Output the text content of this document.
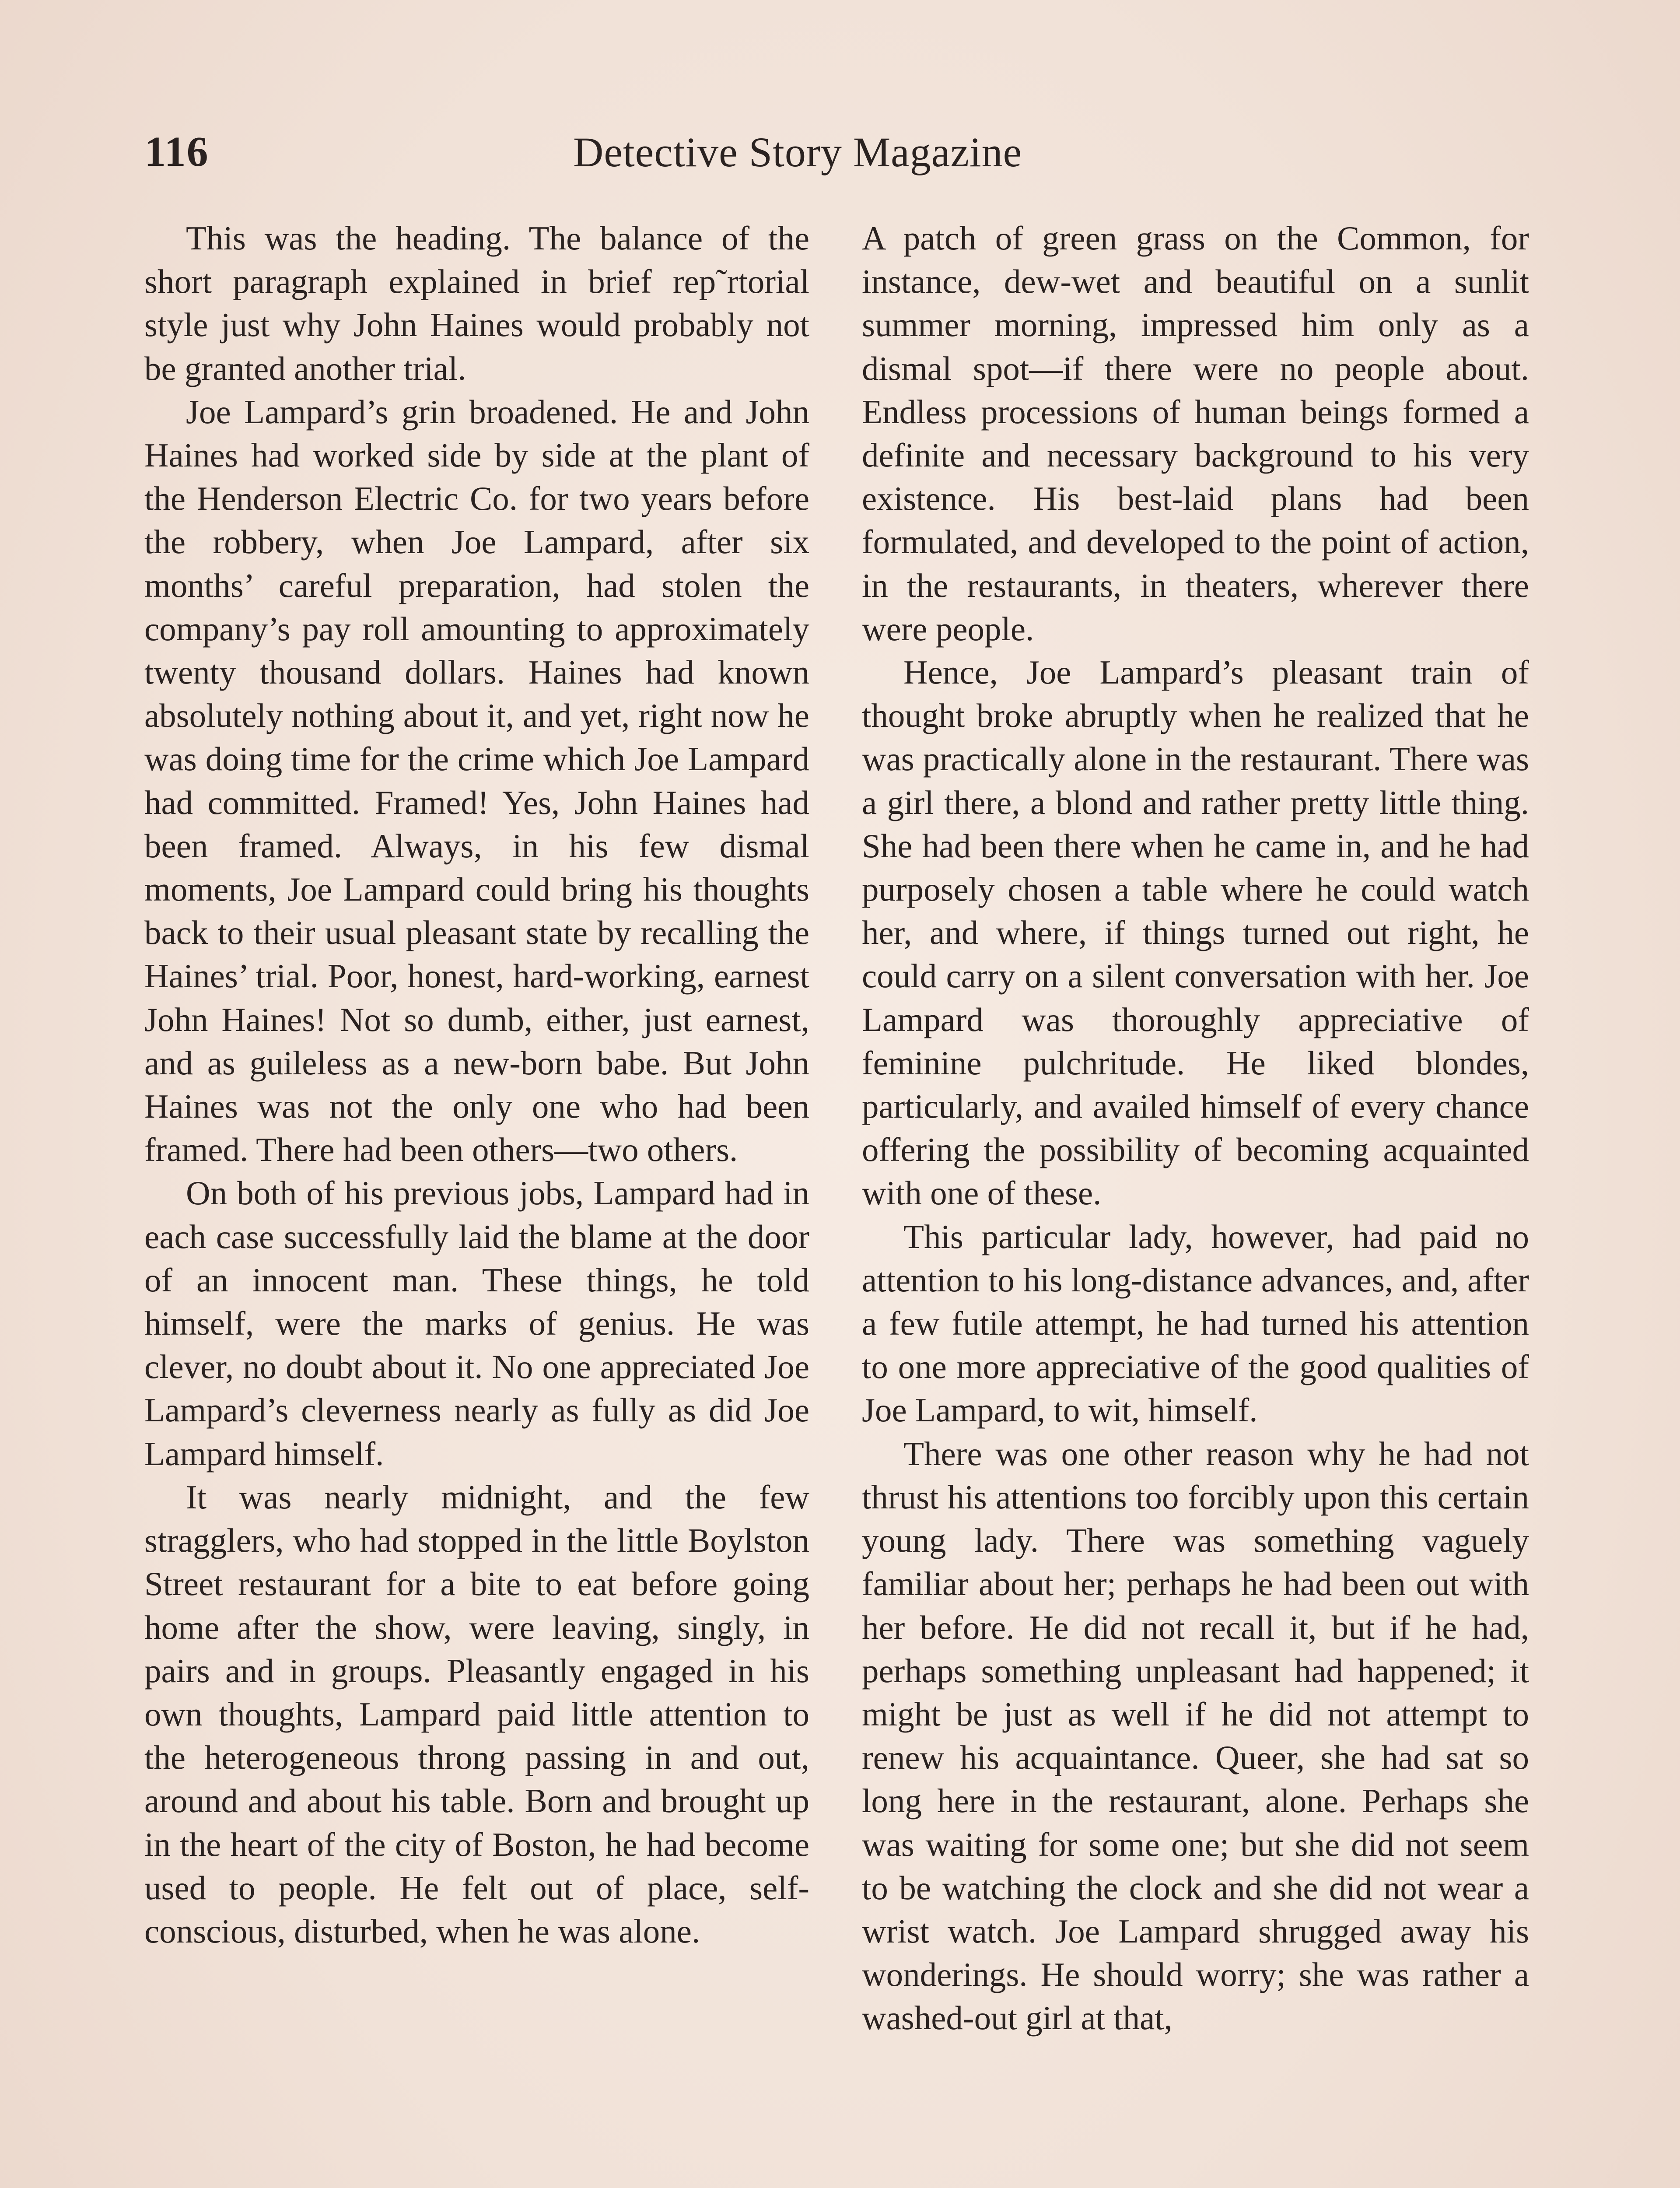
116	Detective Story Magazine

This was the heading. The balance of the short paragraph explained in brief rep˜rtorial style just why John Haines would probably not be granted another trial.

Joe Lampard’s grin broadened. He and John Haines had worked side by side at the plant of the Henderson Electric Co. for two years before the robbery, when Joe Lampard, after six months’ careful preparation, had stolen the company’s pay roll amounting to approximately twenty thousand dollars. Haines had known absolutely nothing about it, and yet, right now he was doing time for the crime which Joe Lampard had committed. Framed! Yes, John Haines had been framed. Always, in his few dismal moments, Joe Lampard could bring his thoughts back to their usual pleasant state by recalling the Haines’ trial. Poor, honest, hard-working, earnest John Haines! Not so dumb, either, just earnest, and as guileless as a new-born babe. But John Haines was not the only one who had been framed. There had been others—two others.

On both of his previous jobs, Lampard had in each case successfully laid the blame at the door of an innocent man. These things, he told himself, were the marks of genius. He was clever, no doubt about it. No one appreciated Joe Lampard’s cleverness nearly as fully as did Joe Lampard himself.

It was nearly midnight, and the few stragglers, who had stopped in the little Boylston Street restaurant for a bite to eat before going home after the show, were leaving, singly, in pairs and in groups. Pleasantly engaged in his own thoughts, Lampard paid little attention to the heterogeneous throng passing in and out, around and about his table. Born and brought up in the heart of the city of Boston, he had become used to people. He felt out of place, self-conscious, disturbed, when he was alone.

A patch of green grass on the Common, for instance, dew-wet and beautiful on a sunlit summer morning, impressed him only as a dismal spot—if there were no people about. Endless processions of human beings formed a definite and necessary background to his very existence. His best-laid plans had been formulated, and developed to the point of action, in the restaurants, in theaters, wherever there were people.

Hence, Joe Lampard’s pleasant train of thought broke abruptly when he realized that he was practically alone in the restaurant. There was a girl there, a blond and rather pretty little thing. She had been there when he came in, and he had purposely chosen a table where he could watch her, and where, if things turned out right, he could carry on a silent conversation with her. Joe Lampard was thoroughly appreciative of feminine pulchritude. He liked blondes, particularly, and availed himself of every chance offering the possibility of becoming acquainted with one of these.

This particular lady, however, had paid no attention to his long-distance advances, and, after a few futile attempt, he had turned his attention to one more appreciative of the good qualities of Joe Lampard, to wit, himself.

There was one other reason why he had not thrust his attentions too forcibly upon this certain young lady. There was something vaguely familiar about her; perhaps he had been out with her before. He did not recall it, but if he had, perhaps something unpleasant had happened; it might be just as well if he did not attempt to renew his acquaintance. Queer, she had sat so long here in the restaurant, alone. Perhaps she was waiting for some one; but she did not seem to be watching the clock and she did not wear a wrist watch. Joe Lampard shrugged away his wonderings. He should worry; she was rather a washed-out girl at that,
